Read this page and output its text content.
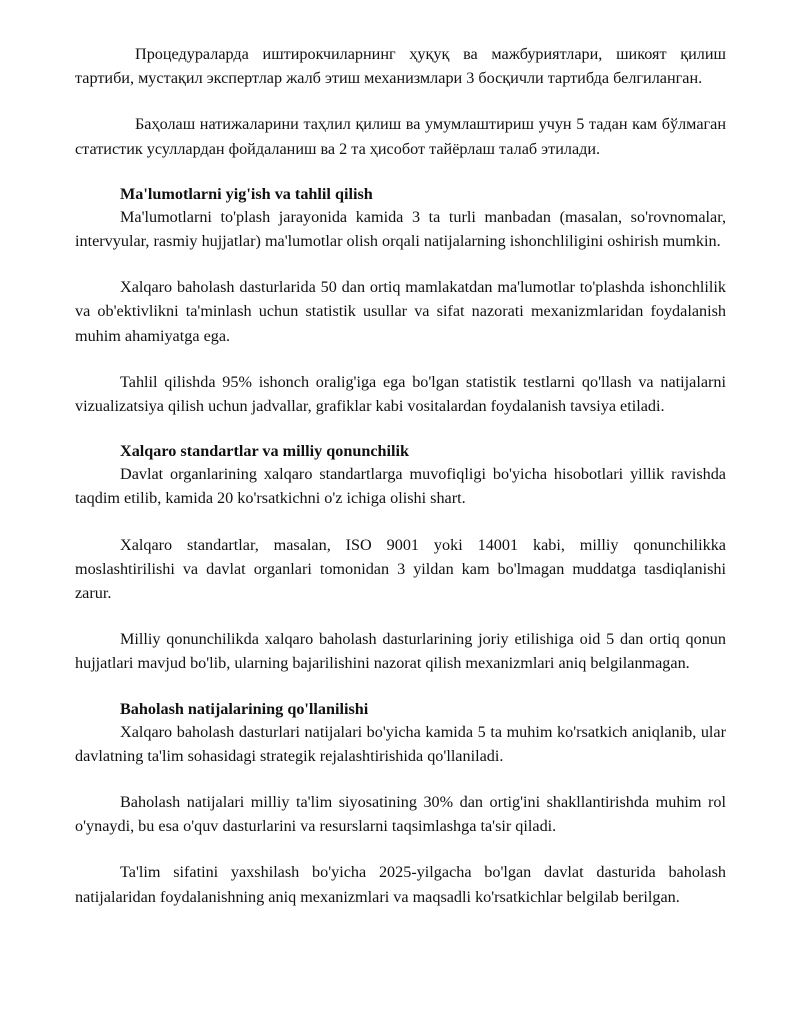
Процедураларда иштирокчиларнинг ҳуқуқ ва мажбуриятлари, шикоят қилиш тартиби, мустақил экспертлар жалб этиш механизмлари 3 босқичли тартибда белгиланган.

Баҳолаш натижаларини таҳлил қилиш ва умумлаштириш учун 5 тадан кам бўлмаган статистик усуллардан фойдаланиш ва 2 та ҳисобот тайёрлаш талаб этилади.

Ma'lumotlarni yig'ish va tahlil qilish

Ma'lumotlarni to'plash jarayonida kamida 3 ta turli manbadan (masalan, so'rovnomalar, intervyular, rasmiy hujjatlar) ma'lumotlar olish orqali natijalarning ishonchliligini oshirish mumkin.

Xalqaro baholash dasturlarida 50 dan ortiq mamlakatdan ma'lumotlar to'plashda ishonchlilik va ob'ektivlikni ta'minlash uchun statistik usullar va sifat nazorati mexanizmlaridan foydalanish muhim ahamiyatga ega.

Tahlil qilishda 95% ishonch oralig'iga ega bo'lgan statistik testlarni qo'llash va natijalarni vizualizatsiya qilish uchun jadvallar, grafiklar kabi vositalardan foydalanish tavsiya etiladi.

Xalqaro standartlar va milliy qonunchilik

Davlat organlarining xalqaro standartlarga muvofiqligi bo'yicha hisobotlari yillik ravishda taqdim etilib, kamida 20 ko'rsatkichni o'z ichiga olishi shart.

Xalqaro standartlar, masalan, ISO 9001 yoki 14001 kabi, milliy qonunchilikka moslashtirilishi va davlat organlari tomonidan 3 yildan kam bo'lmagan muddatga tasdiqlanishi zarur.

Milliy qonunchilikda xalqaro baholash dasturlarining joriy etilishiga oid 5 dan ortiq qonun hujjatlari mavjud bo'lib, ularning bajarilishini nazorat qilish mexanizmlari aniq belgilanmagan.

Baholash natijalarining qo'llanilishi

Xalqaro baholash dasturlari natijalari bo'yicha kamida 5 ta muhim ko'rsatkich aniqlanib, ular davlatning ta'lim sohasidagi strategik rejalashtirishida qo'llaniladi.

Baholash natijalari milliy ta'lim siyosatining 30% dan ortig'ini shakllantirishda muhim rol o'ynaydi, bu esa o'quv dasturlarini va resurslarni taqsimlashga ta'sir qiladi.

Ta'lim sifatini yaxshilash bo'yicha 2025-yilgacha bo'lgan davlat dasturida baholash natijalaridan foydalanishning aniq mexanizmlari va maqsadli ko'rsatkichlar belgilab berilgan.
